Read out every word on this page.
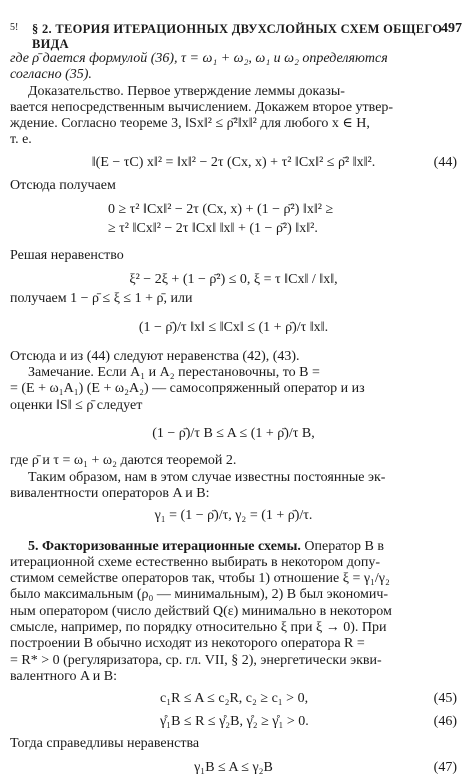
5! § 2. ТЕОРИЯ ИТЕРАЦИОННЫХ ДВУХСЛОЙНЫХ СХЕМ ОБЩЕГО ВИДА
497

где ρ̄ дается формулой (36), τ = ω₁ + ω₂, ω₁ и ω₂ определяются

согласно (35).

Доказательство. Первое утверждение леммы доказы-

вается непосредственным вычислением. Докажем второе утвер-

ждение. Согласно теореме 3, ‖Sx‖² ≤ ρ̄²‖x‖² для любого x ∈ H,

т. е.

‖(E − τC) x‖² = ‖x‖² − 2τ (Cx, x) + τ² ‖Cx‖² ≤ ρ̄² ‖x‖².	(44)

Отсюда получаем

0 ≥ τ² ‖Cx‖² − 2τ (Cx, x) + (1 − ρ̄²) ‖x‖² ≥
≥ τ² ‖Cx‖² − 2τ ‖Cx‖ ‖x‖ + (1 − ρ̄²) ‖x‖².

Решая неравенство

ξ² − 2ξ + (1 − ρ̄²) ≤ 0, ξ = τ ‖Cx‖ / ‖x‖,

получаем 1 − ρ̄ ≤ ξ ≤ 1 + ρ̄, или

(1 − ρ̄)/τ ‖x‖ ≤ ‖Cx‖ ≤ (1 + ρ̄)/τ ‖x‖.

Отсюда и из (44) следуют неравенства (42), (43).

Замечание. Если A₁ и A₂ перестановочны, то B =

= (E + ω₁A₁) (E + ω₂A₂) — самосопряженный оператор и из

оценки ‖S‖ ≤ ρ̄ следует

(1 − ρ̄)/τ B ≤ A ≤ (1 + ρ̄)/τ B,

где ρ̄ и τ = ω₁ + ω₂ даются теоремой 2.

Таким образом, нам в этом случае известны постоянные эк-

вивалентности операторов A и B:

γ₁ = (1 − ρ̄)/τ, γ₂ = (1 + ρ̄)/τ.

5. Факторизованные итерационные схемы. Оператор B в

итерационной схеме естественно выбирать в некотором допу-

стимом семействе операторов так, чтобы 1) отношение ξ = γ₁/γ₂

было максимальным (ρ₀ — минимальным), 2) B был экономич-

ным оператором (число действий Q(ε) минимально в некотором

смысле, например, по порядку относительно ξ при ξ → 0). При

построении B обычно исходят из некоторого оператора R =

= R* > 0 (регуляризатора, ср. гл. VII, § 2), энергетически экви-

валентного A и B:

c₁R ≤ A ≤ c₂R, c₂ ≥ c₁ > 0,	(45)
γ̊₁B ≤ R ≤ γ̊₂B, γ̊₂ ≥ γ̊₁ > 0.	(46)

Тогда справедливы неравенства

γ₁B ≤ A ≤ γ₂B	(47)
